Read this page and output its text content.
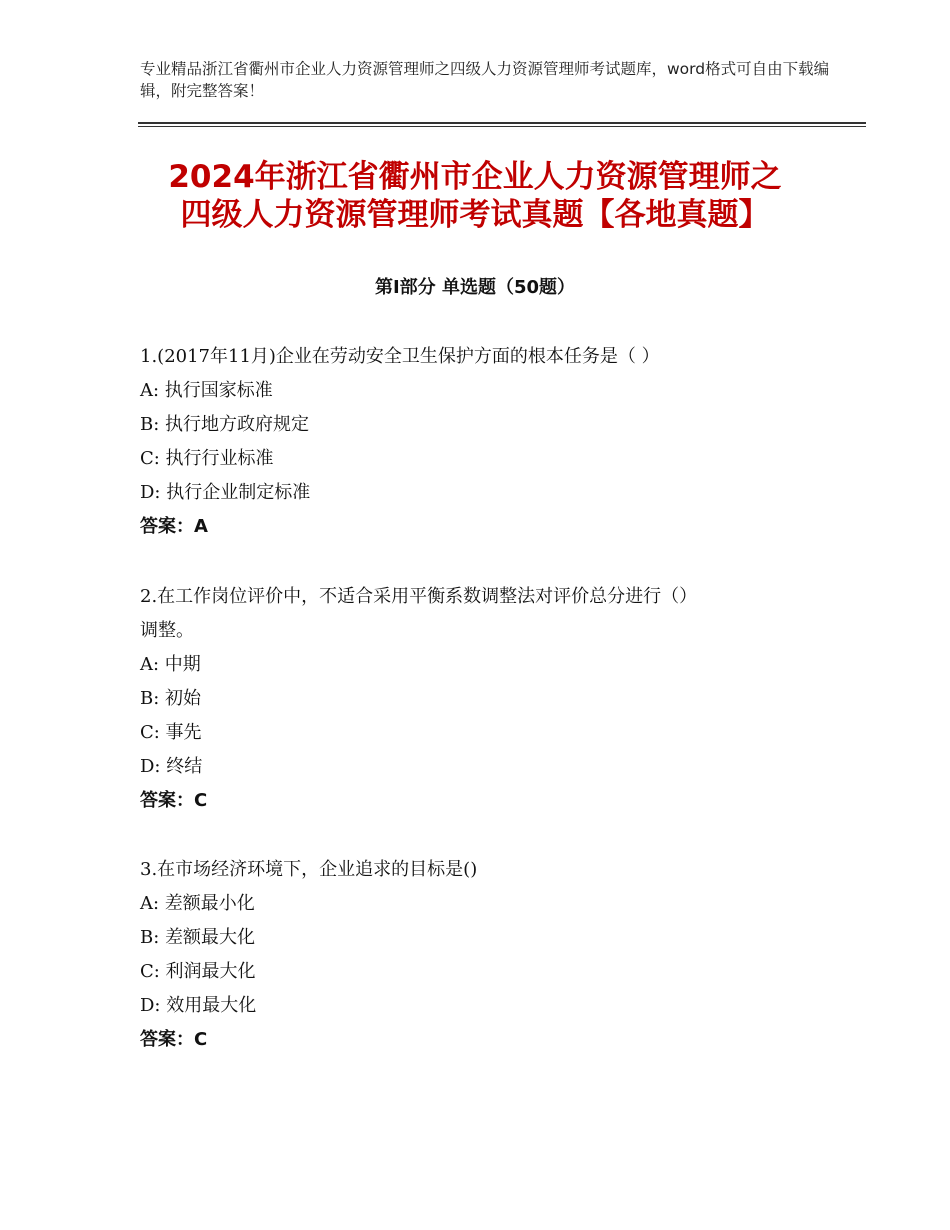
专业精品浙江省衢州市企业人力资源管理师之四级人力资源管理师考试题库，word格式可自由下载编辑，附完整答案！
2024年浙江省衢州市企业人力资源管理师之
四级人力资源管理师考试真题【各地真题】
第Ⅰ部分 单选题（50题）

1.(2017年11月)企业在劳动安全卫生保护方面的根本任务是（ ）

A: 执行国家标准

B: 执行地方政府规定

C: 执行行业标准

D: 执行企业制定标准

答案：A

2.在工作岗位评价中，不适合采用平衡系数调整法对评价总分进行（）

调整。

A: 中期

B: 初始

C: 事先

D: 终结

答案：C

3.在市场经济环境下，企业追求的目标是()

A: 差额最小化

B: 差额最大化

C: 利润最大化

D: 效用最大化

答案：C
